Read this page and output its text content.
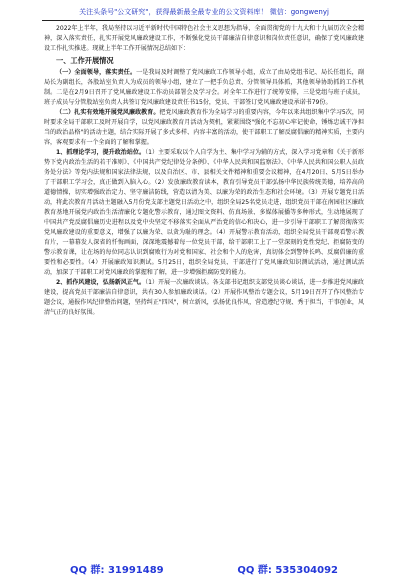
关注头条号"公文研究"，获得最新最全最专业的公文资料库！ 微信：gongwenyj

2022年上半年，我局坚持以习近平新时代中国特色社会主义思想为指导，全面贯彻党的十九大和十九届历次全会精神，深入落实责任，扎实开展党风廉政建设工作，不断强化党员干部廉洁自律意识和岗位责任意识，确保了党风廉政建设工作扎实推进。现就上半年工作开展情况总结如下：

一、工作开展情况

（一）全面领导，落实责任。一是我局及时调整了党风廉政工作领导小组，成立了由局党组书记、局长任组长，副局长为副组长，各股站室负责人为成员的领导小组，建立了一把手负总责、分管领导具体抓，其他领导协助抓的工作机制。二是在2月9日召开了党风廉政建设工作动员部署会及学习会。对全年工作进行了统筹安排，三是党组与班子成员，班子成员与分管股站室负责人共签订党风廉政建设责任书15份，党员、干部签订党风廉政建设承诺书79份。

（二）扎实有效地开展党风廉政教育。把党风廉政教育作为全局学习的重要内容，今年以来共组织集中学习5次，同时要求全局干部职工及时开展自学，以党风廉政教育月活动为契机，紧紧围绕"强化不忘初心牢记使命，锤炼忠诚干净担当的政治品格"的活动主题，结合实际开展了多式多样、内容丰富的活动，使干部职工了解反腐倡廉的精神实质，主要内容，客观要求有一个全面的了解和掌握。

1、抓理论学习，提升政治站位。（1）主要采取以个人自学为主、集中学习为辅的方式，深入学习党章和《关于新形势下党内政治生活的若干准则》、《中国共产党纪律处分条例》、《中华人民共和国监察法》、《中华人民共和国公职人员政务处分法》等党内法规和国家法律法规，以及自治区、市、县相关文件精神和重要会议精神，在4月20日、5月5日举办了干部职工学习会，真正做到入脑入心。（2）发放廉政教育读本，教育引导党员干部弘扬中华民族传统美德，培养高尚道德情操，切实增强政治定力、坚守廉洁防线，营造以清为美、以廉为荣的政治生态和社会环境。（3）开展专题党日活动，将此次教育月活动主题融入5月份党支部主题党日活动之中，组织全局25名党员走进，组织党员干部在南园社区廉政教育基地开展党内政治生活清廉化专题化警示教育，通过图文资料、仿真场景、多媒体展播等多种形式，生动地展现了中国共产党反腐倡廉历史进程以及党中央坚定不移落实全面从严治党的信心和决心，进一步引导干部职工了解贯彻落实党风廉政建设的重要意义，增强了以廉为荣、以贪为耻的理念。（4）开展警示教育活动，组织全局党员干部观看警示教育片，一幕幕发人深省的忏悔画面，深深地震撼着每一位党员干部，给干部职工上了一堂深刻的党性党纪、拒腐防变的警示教育课，让在场的每位同志认识到腐败行为对党和国家、社会和个人的危害，真切体会到警钟长鸣、反腐倡廉的重要性和必要性。（4）开展廉政知识测试。5月25日，组织全局党员、干部进行了党风廉政知识测试活动，通过测试活动，加深了干部职工对党风廉政的掌握和了解，进一步增强拒腐防变的能力。

2、抓作风建设，弘扬新风正气。（1）开展一次廉政谈话。各支部书记组织支部党员谈心谈话，进一步推进党风廉政建设，提高党员干部廉洁自律意识，共有30人参加廉政谈话。（2）开展作风整治专题会议，5月19日召开了作风整治专题会议，通报作风纪律整治问题，坚持纠正"四风"，树立新风，弘扬优良作风，营造遵纪守规、秀于担当，干事创业，风清气正的良好氛围。

QQ 群: 31991489	QQ 群: 535304092
